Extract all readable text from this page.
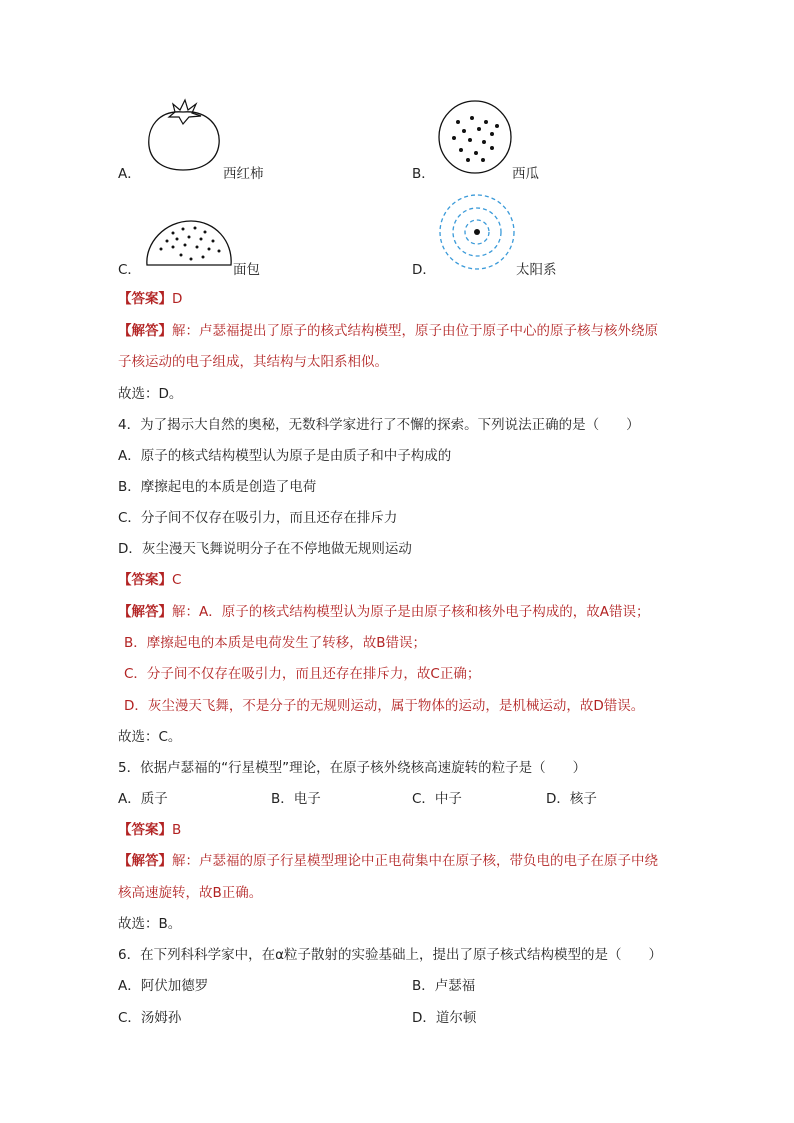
A．	西红柿	B．	西瓜
C．	面包	D．	太阳系
【答案】D
【解答】解：卢瑟福提出了原子的核式结构模型，原子由位于原子中心的原子核与核外绕原
子核运动的电子组成，其结构与太阳系相似。
故选：D。
4．为了揭示大自然的奥秘，无数科学家进行了不懈的探索。下列说法正确的是（　　）
A．原子的核式结构模型认为原子是由质子和中子构成的
B．摩擦起电的本质是创造了电荷
C．分子间不仅存在吸引力，而且还存在排斥力
D．灰尘漫天飞舞说明分子在不停地做无规则运动
【答案】C
【解答】解：A．原子的核式结构模型认为原子是由原子核和核外电子构成的，故A错误；
B．摩擦起电的本质是电荷发生了转移，故B错误；
C．分子间不仅存在吸引力，而且还存在排斥力，故C正确；
D．灰尘漫天飞舞，不是分子的无规则运动，属于物体的运动，是机械运动，故D错误。
故选：C。
5．依据卢瑟福的“行星模型”理论，在原子核外绕核高速旋转的粒子是（　　）
A．质子	B．电子	C．中子	D．核子
【答案】B
【解答】解：卢瑟福的原子行星模型理论中正电荷集中在原子核，带负电的电子在原子中绕
核高速旋转，故B正确。
故选：B。
6．在下列科科学家中，在α粒子散射的实验基础上，提出了原子核式结构模型的是（　　）
A．阿伏加德罗	B．卢瑟福
C．汤姆孙	D．道尔顿
